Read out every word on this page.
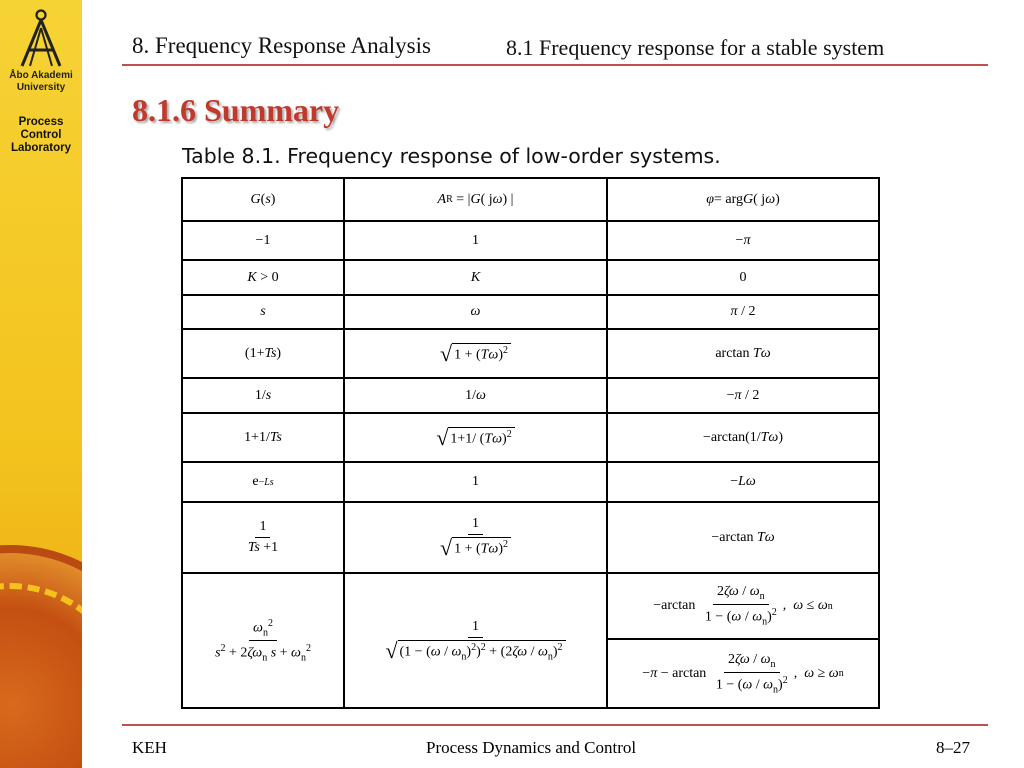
Åbo Akademi
University
Process
Control
Laboratory
8. Frequency Response Analysis	8.1 Frequency response for a stable system
8.1.6 Summary
Table 8.1. Frequency response of low-order systems.
G ( s )	A R = | G ( j ω ) |	φ = arg G ( j ω )
−1	1	− π
K > 0	K	0
s	ω	π / 2
(1+ Ts )	√ $1 + (T\omega)^2$	arctan Tω
1/ s	1/ ω	− π / 2
1+1/ Ts	√ 1+1/ $(T\omega)^2$	−arctan(1/ Tω )
e −Ls	1	− Lω
$\frac{1}{Ts +1}$	$\frac{1}{√ 1 + (T\omega)^2}$	−arctan Tω
$\frac{\omega_n^2}{s^2 + 2\zeta\omega_n s + \omega_n^2}$	$\frac{1}{√ (1 - (\omega / \omega_n)^2)^2 + (2\zeta\omega / \omega_n)^2}$
$-\arctan \frac{2\zeta\omega / \omega_n}{1 - (\omega / \omega_n)^2}$ , ω ≤ ω n
− $\pi - \arctan \frac{2\zeta\omega / \omega_n}{1 - (\omega / \omega_n)^2}$ , ω ≥ ω n
KEH	Process Dynamics and Control	8–27
